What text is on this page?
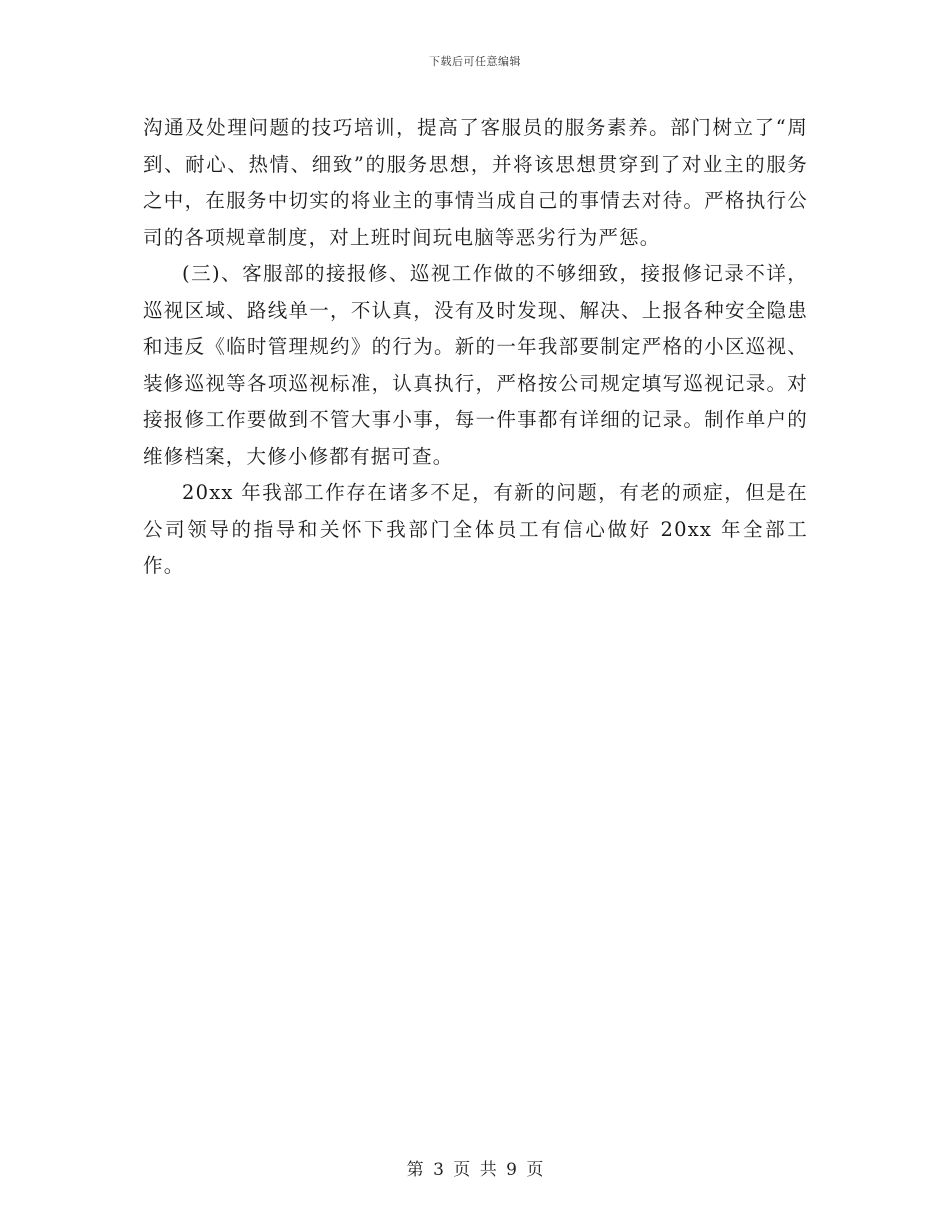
下载后可任意编辑

沟通及处理问题的技巧培训，提高了客服员的服务素养。部门树立了“周到、耐心、热情、细致”的服务思想，并将该思想贯穿到了对业主的服务之中，在服务中切实的将业主的事情当成自己的事情去对待。严格执行公司的各项规章制度，对上班时间玩电脑等恶劣行为严惩。

(三)、客服部的接报修、巡视工作做的不够细致，接报修记录不详，巡视区域、路线单一，不认真，没有及时发现、解决、上报各种安全隐患和违反《临时管理规约》的行为。新的一年我部要制定严格的小区巡视、装修巡视等各项巡视标准，认真执行，严格按公司规定填写巡视记录。对接报修工作要做到不管大事小事，每一件事都有详细的记录。制作单户的维修档案，大修小修都有据可查。

20xx 年我部工作存在诸多不足，有新的问题，有老的顽症，但是在公司领导的指导和关怀下我部门全体员工有信心做好 20xx 年全部工作。

第 3 页 共 9 页
